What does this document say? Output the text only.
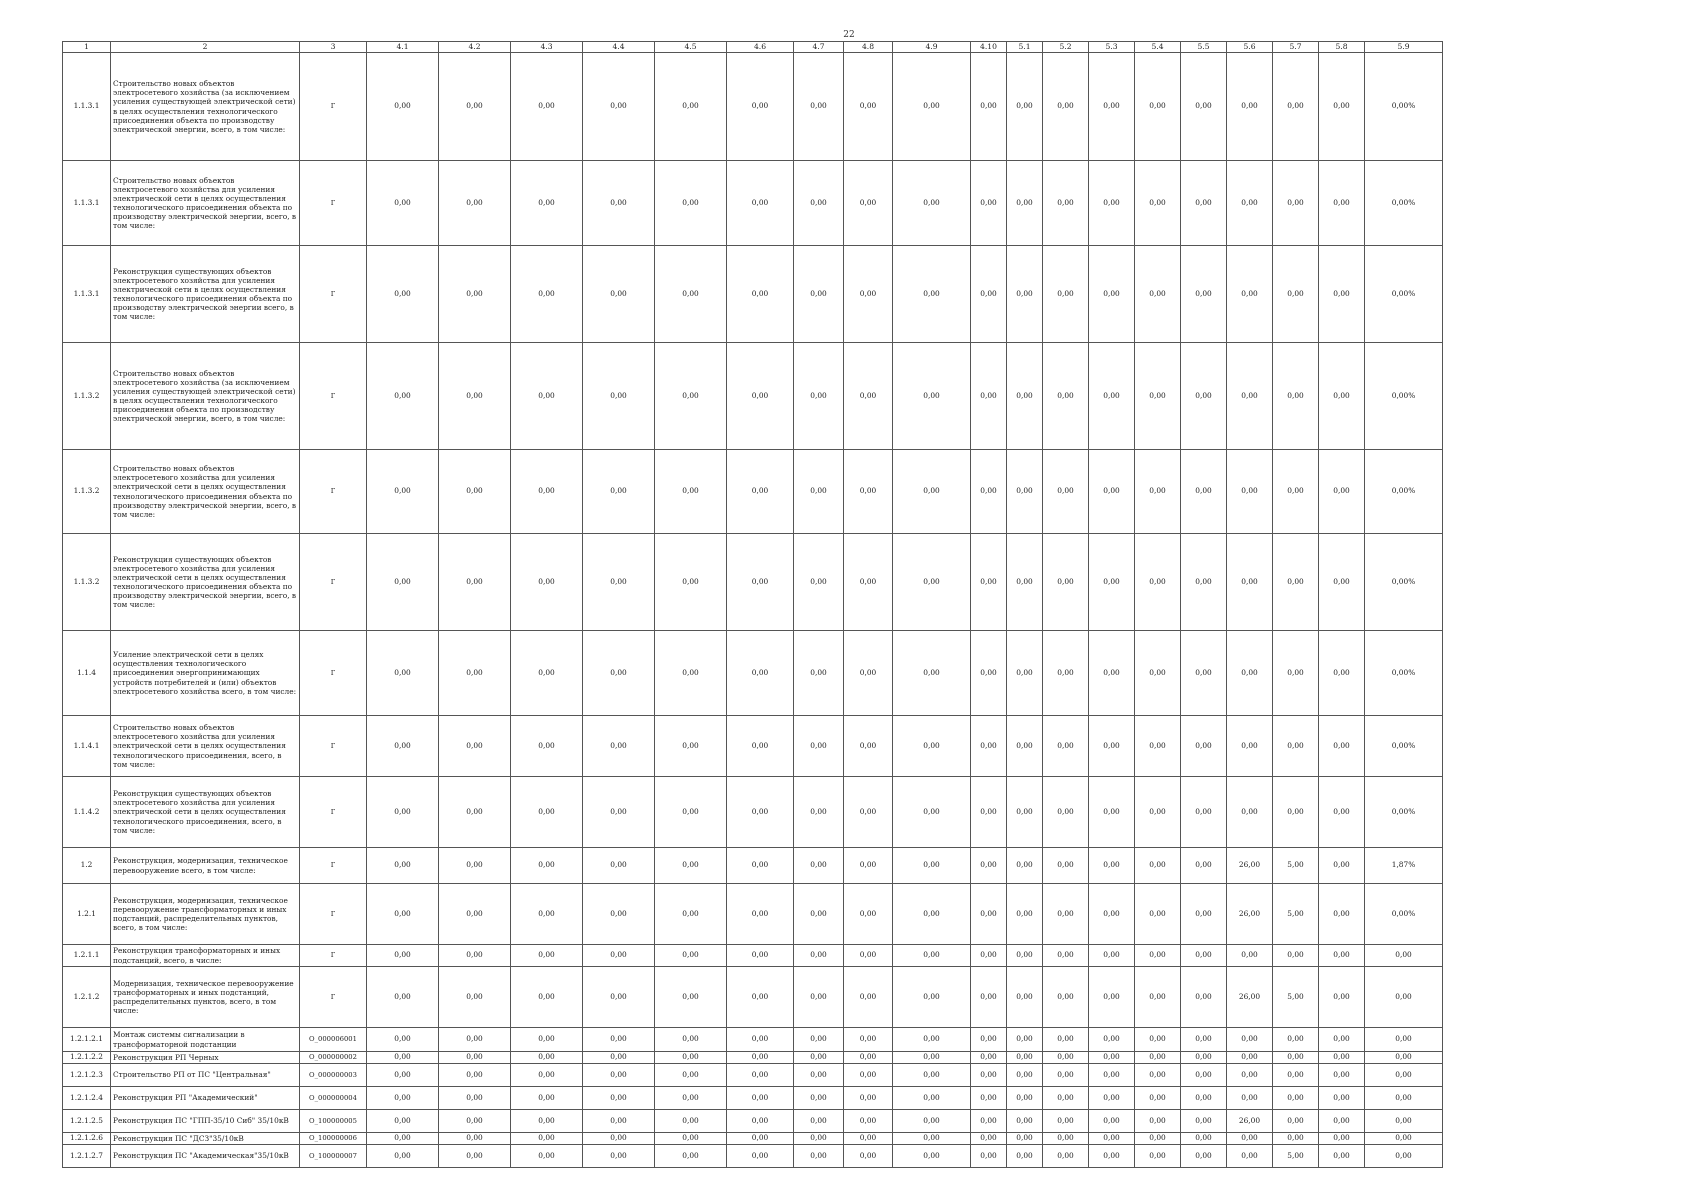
22
1	2	3	4.1	4.2	4.3	4.4	4.5	4.6	4.7	4.8	4.9	4.10	5.1	5.2	5.3	5.4	5.5	5.6	5.7	5.8	5.9
1.1.3.1	Строительство новых объектов электросетевого хозяйства (за исключением усиления существующей электрической сети) в целях осуществления технологического присоединения объекта по производству электрической энергии, всего, в том числе:	Г	0,00	0,00	0,00	0,00	0,00	0,00	0,00	0,00	0,00	0,00	0,00	0,00	0,00	0,00	0,00	0,00	0,00	0,00	0,00%
1.1.3.1	Строительство новых объектов электросетевого хозяйства для усиления электрической сети в целях осуществления технологического присоединения объекта по производству электрической энергии, всего, в том числе:	Г	0,00	0,00	0,00	0,00	0,00	0,00	0,00	0,00	0,00	0,00	0,00	0,00	0,00	0,00	0,00	0,00	0,00	0,00	0,00%
1.1.3.1	Реконструкция существующих объектов электросетевого хозяйства для усиления электрической сети в целях осуществления технологического присоединения объекта по производству электрической энергии всего, в том числе:	Г	0,00	0,00	0,00	0,00	0,00	0,00	0,00	0,00	0,00	0,00	0,00	0,00	0,00	0,00	0,00	0,00	0,00	0,00	0,00%
1.1.3.2	Строительство новых объектов электросетевого хозяйства (за исключением усиления существующей электрической сети) в целях осуществления технологического присоединения объекта по производству электрической энергии, всего, в том числе:	Г	0,00	0,00	0,00	0,00	0,00	0,00	0,00	0,00	0,00	0,00	0,00	0,00	0,00	0,00	0,00	0,00	0,00	0,00	0,00%
1.1.3.2	Строительство новых объектов электросетевого хозяйства для усиления электрической сети в целях осуществления технологического присоединения объекта по производству электрической энергии, всего, в том числе:	Г	0,00	0,00	0,00	0,00	0,00	0,00	0,00	0,00	0,00	0,00	0,00	0,00	0,00	0,00	0,00	0,00	0,00	0,00	0,00%
1.1.3.2	Реконструкция существующих объектов электросетевого хозяйства для усиления электрической сети в целях осуществления технологического присоединения объекта по производству электрической энергии, всего, в том числе:	Г	0,00	0,00	0,00	0,00	0,00	0,00	0,00	0,00	0,00	0,00	0,00	0,00	0,00	0,00	0,00	0,00	0,00	0,00	0,00%
1.1.4	Усиление электрической сети в целях осуществления технологического присоединения энергопринимающих устройств потребителей и (или) объектов электросетевого хозяйства всего, в том числе:	Г	0,00	0,00	0,00	0,00	0,00	0,00	0,00	0,00	0,00	0,00	0,00	0,00	0,00	0,00	0,00	0,00	0,00	0,00	0,00%
1.1.4.1	Строительство новых объектов электросетевого хозяйства для усиления электрической сети в целях осуществления технологического присоединения, всего, в том числе:	Г	0,00	0,00	0,00	0,00	0,00	0,00	0,00	0,00	0,00	0,00	0,00	0,00	0,00	0,00	0,00	0,00	0,00	0,00	0,00%
1.1.4.2	Реконструкция существующих объектов электросетевого хозяйства для усиления электрической сети в целях осуществления технологического присоединения, всего, в том числе:	Г	0,00	0,00	0,00	0,00	0,00	0,00	0,00	0,00	0,00	0,00	0,00	0,00	0,00	0,00	0,00	0,00	0,00	0,00	0,00%
1.2	Реконструкция, модернизация, техническое перевооружение всего, в том числе:	Г	0,00	0,00	0,00	0,00	0,00	0,00	0,00	0,00	0,00	0,00	0,00	0,00	0,00	0,00	0,00	26,00	5,00	0,00	1,87%
1.2.1	Реконструкция, модернизация, техническое перевооружение трансформаторных и иных подстанций, распределительных пунктов, всего, в том числе:	Г	0,00	0,00	0,00	0,00	0,00	0,00	0,00	0,00	0,00	0,00	0,00	0,00	0,00	0,00	0,00	26,00	5,00	0,00	0,00%
1.2.1.1	Реконструкция трансформаторных и иных подстанций, всего, в числе:	Г	0,00	0,00	0,00	0,00	0,00	0,00	0,00	0,00	0,00	0,00	0,00	0,00	0,00	0,00	0,00	0,00	0,00	0,00	0,00
1.2.1.2	Модернизация, техническое перевооружение трансформаторных и иных подстанций, распределительных пунктов, всего, в том числе:	Г	0,00	0,00	0,00	0,00	0,00	0,00	0,00	0,00	0,00	0,00	0,00	0,00	0,00	0,00	0,00	26,00	5,00	0,00	0,00
1.2.1.2.1	Монтаж системы сигнализации в трансформаторной подстанции	О_000006001	0,00	0,00	0,00	0,00	0,00	0,00	0,00	0,00	0,00	0,00	0,00	0,00	0,00	0,00	0,00	0,00	0,00	0,00	0,00
1.2.1.2.2	Реконструкция РП Черных	О_000000002	0,00	0,00	0,00	0,00	0,00	0,00	0,00	0,00	0,00	0,00	0,00	0,00	0,00	0,00	0,00	0,00	0,00	0,00	0,00
1.2.1.2.3	Строительство РП от ПС "Центральная"	О_000000003	0,00	0,00	0,00	0,00	0,00	0,00	0,00	0,00	0,00	0,00	0,00	0,00	0,00	0,00	0,00	0,00	0,00	0,00	0,00
1.2.1.2.4	Реконструкция РП "Академический"	О_000000004	0,00	0,00	0,00	0,00	0,00	0,00	0,00	0,00	0,00	0,00	0,00	0,00	0,00	0,00	0,00	0,00	0,00	0,00	0,00
1.2.1.2.5	Реконструкция ПС "ГПП-35/10 Сиб" 35/10кВ	О_100000005	0,00	0,00	0,00	0,00	0,00	0,00	0,00	0,00	0,00	0,00	0,00	0,00	0,00	0,00	0,00	26,00	0,00	0,00	0,00
1.2.1.2.6	Реконструкция ПС "ДСЗ"35/10кВ	О_100000006	0,00	0,00	0,00	0,00	0,00	0,00	0,00	0,00	0,00	0,00	0,00	0,00	0,00	0,00	0,00	0,00	0,00	0,00	0,00
1.2.1.2.7	Реконструкция ПС "Академическая"35/10кВ	О_100000007	0,00	0,00	0,00	0,00	0,00	0,00	0,00	0,00	0,00	0,00	0,00	0,00	0,00	0,00	0,00	0,00	5,00	0,00	0,00
